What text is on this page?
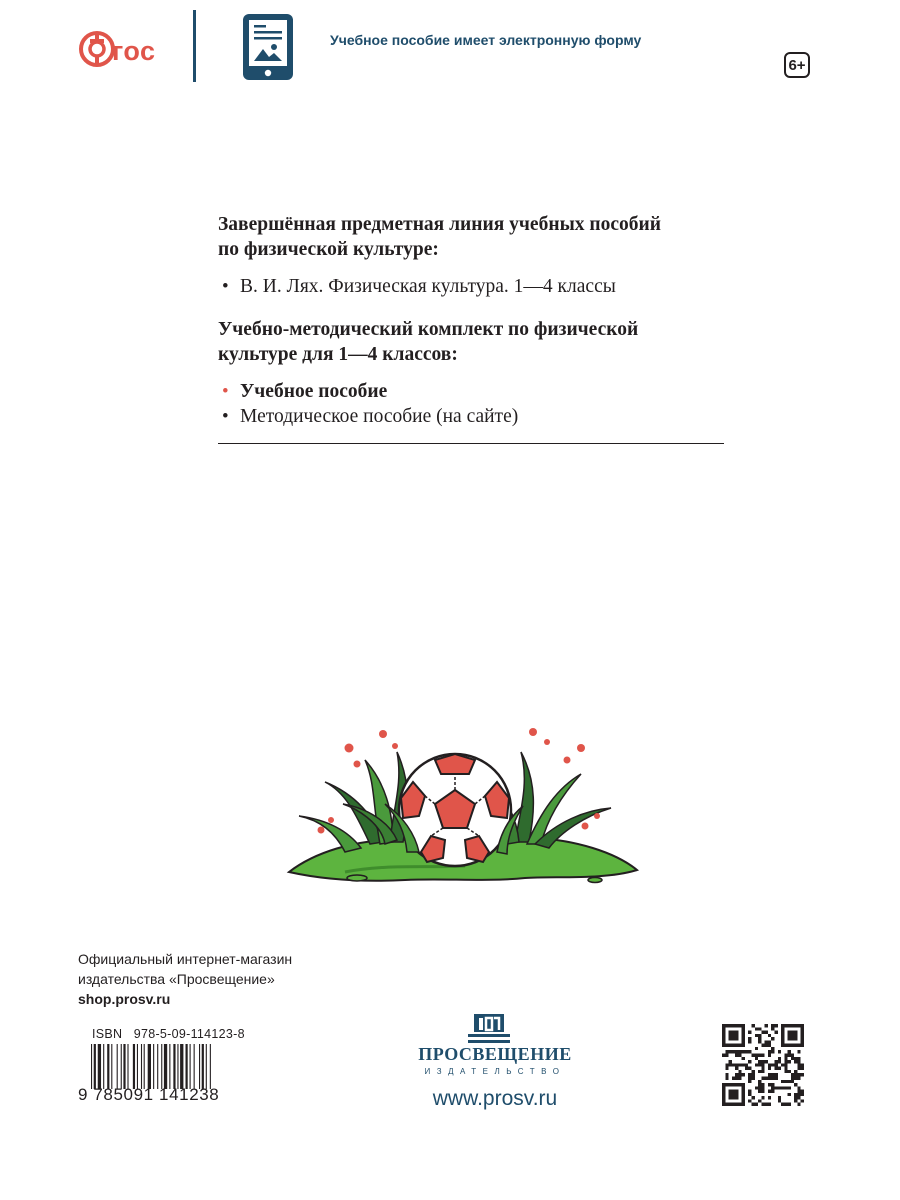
гос	Учебное пособие имеет электронную форму
6+

Завершённая предметная линия учебных пособий

по физической культуре:

• В. И. Лях. Физическая культура. 1—4 классы

Учебно-методический комплект по физической

культуре для 1—4 классов:

• Учебное пособие
• Методическое пособие (на сайте)
Официальный интернет-магазин
издательства «Просвещение»
shop.prosv.ru
ISBN 978-5-09-114123-8
9 785091 141238
ПРОСВЕЩЕНИЕ
ИЗДАТЕЛЬСТВО
www.prosv.ru
